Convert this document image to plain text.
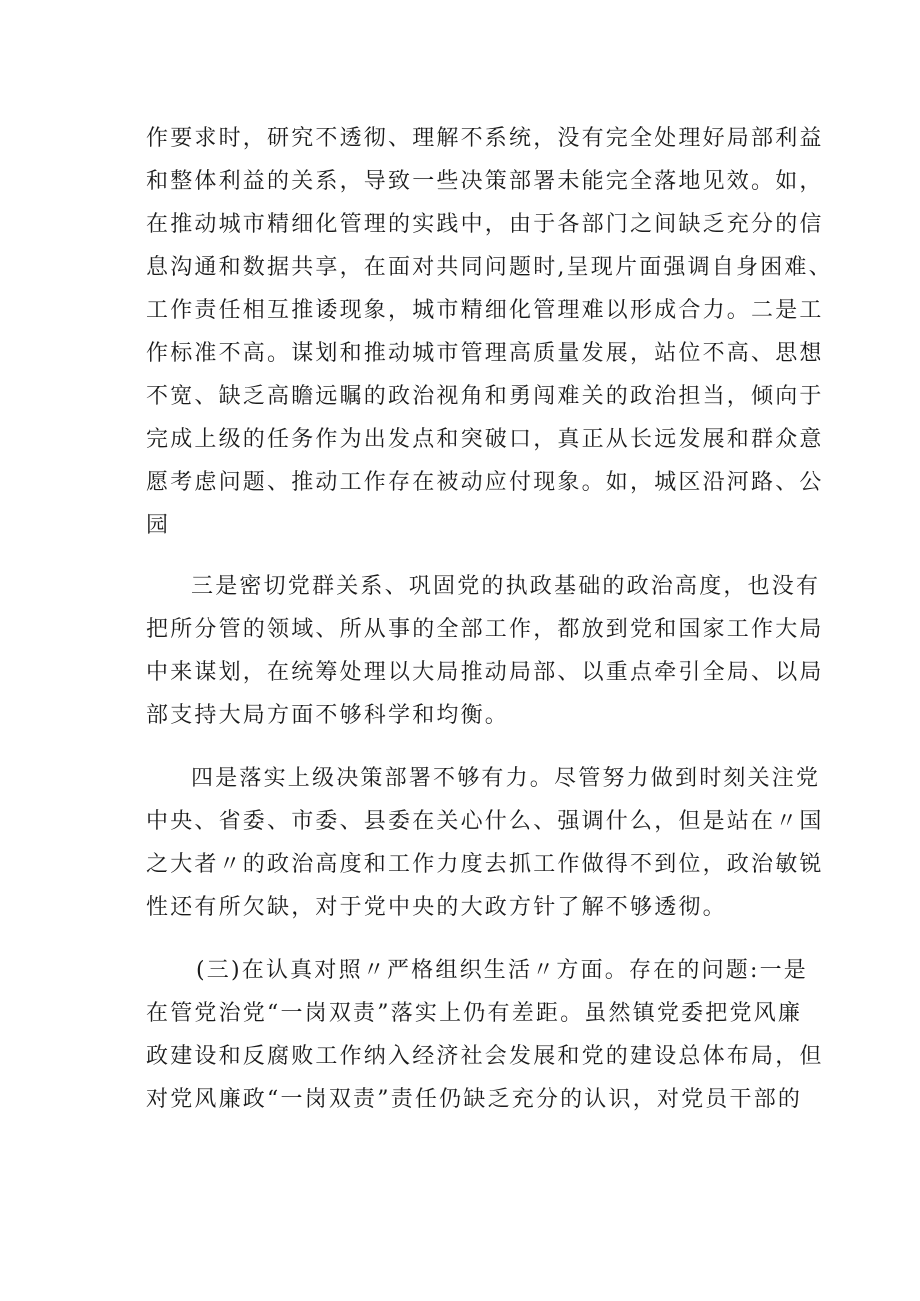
作要求时，研究不透彻、理解不系统，没有完全处理好局部利益
和整体利益的关系，导致一些决策部署未能完全落地见效。如，
在推动城市精细化管理的实践中，由于各部门之间缺乏充分的信
息沟通和数据共享，在面对共同问题时,呈现片面强调自身困难、
工作责任相互推诿现象，城市精细化管理难以形成合力。二是工
作标准不高。谋划和推动城市管理高质量发展，站位不高、思想
不宽、缺乏高瞻远瞩的政治视角和勇闯难关的政治担当，倾向于
完成上级的任务作为出发点和突破口，真正从长远发展和群众意
愿考虑问题、推动工作存在被动应付现象。如，城区沿河路、公
园
三是密切党群关系、巩固党的执政基础的政治高度，也没有
把所分管的领域、所从事的全部工作，都放到党和国家工作大局
中来谋划，在统筹处理以大局推动局部、以重点牵引全局、以局
部支持大局方面不够科学和均衡。
四是落实上级决策部署不够有力。尽管努力做到时刻关注党
中央、省委、市委、县委在关心什么、强调什么，但是站在〃国
之大者〃的政治高度和工作力度去抓工作做得不到位，政治敏锐
性还有所欠缺，对于党中央的大政方针了解不够透彻。
(三)在认真对照〃严格组织生活〃方面。存在的问题:一是
在管党治党“一岗双责”落实上仍有差距。虽然镇党委把党风廉
政建设和反腐败工作纳入经济社会发展和党的建设总体布局，但
对党风廉政“一岗双责”责任仍缺乏充分的认识，对党员干部的
